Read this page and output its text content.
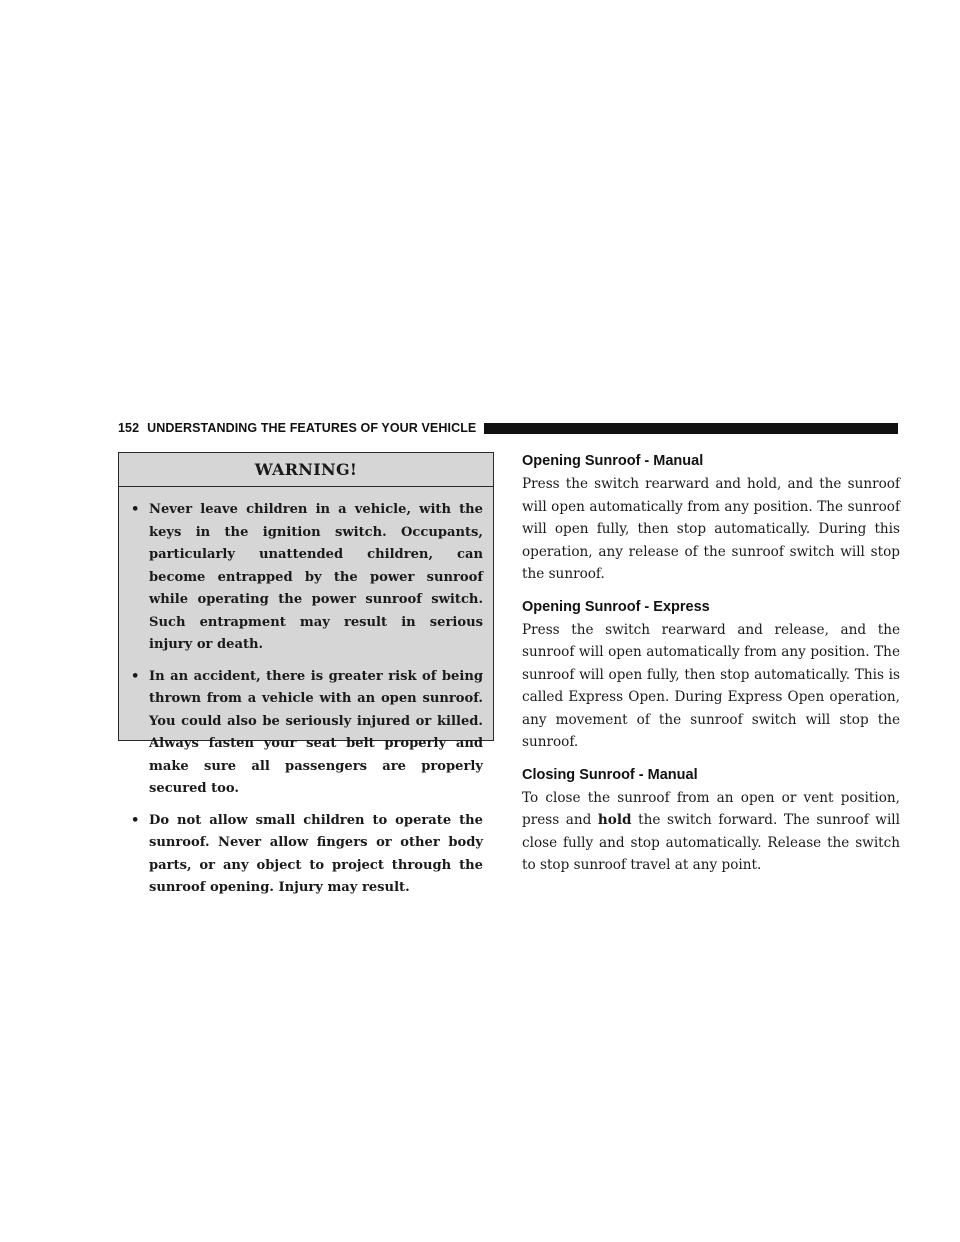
152 UNDERSTANDING THE FEATURES OF YOUR VEHICLE
WARNING!
• Never leave children in a vehicle, with the keys in the ignition switch. Occupants, particularly unattended children, can become entrapped by the power sunroof while operating the power sunroof switch. Such entrapment may result in serious injury or death.
• In an accident, there is greater risk of being thrown from a vehicle with an open sunroof. You could also be seriously injured or killed. Always fasten your seat belt properly and make sure all passengers are properly secured too.
• Do not allow small children to operate the sunroof. Never allow fingers or other body parts, or any object to project through the sunroof opening. Injury may result.
Opening Sunroof - Manual

Press the switch rearward and hold, and the sunroof will open automatically from any position. The sunroof will open fully, then stop automatically. During this operation, any release of the sunroof switch will stop the sunroof.

Opening Sunroof - Express

Press the switch rearward and release, and the sunroof will open automatically from any position. The sunroof will open fully, then stop automatically. This is called Express Open. During Express Open operation, any movement of the sunroof switch will stop the sunroof.

Closing Sunroof - Manual

To close the sunroof from an open or vent position, press and hold the switch forward. The sunroof will close fully and stop automatically. Release the switch to stop sunroof travel at any point.
